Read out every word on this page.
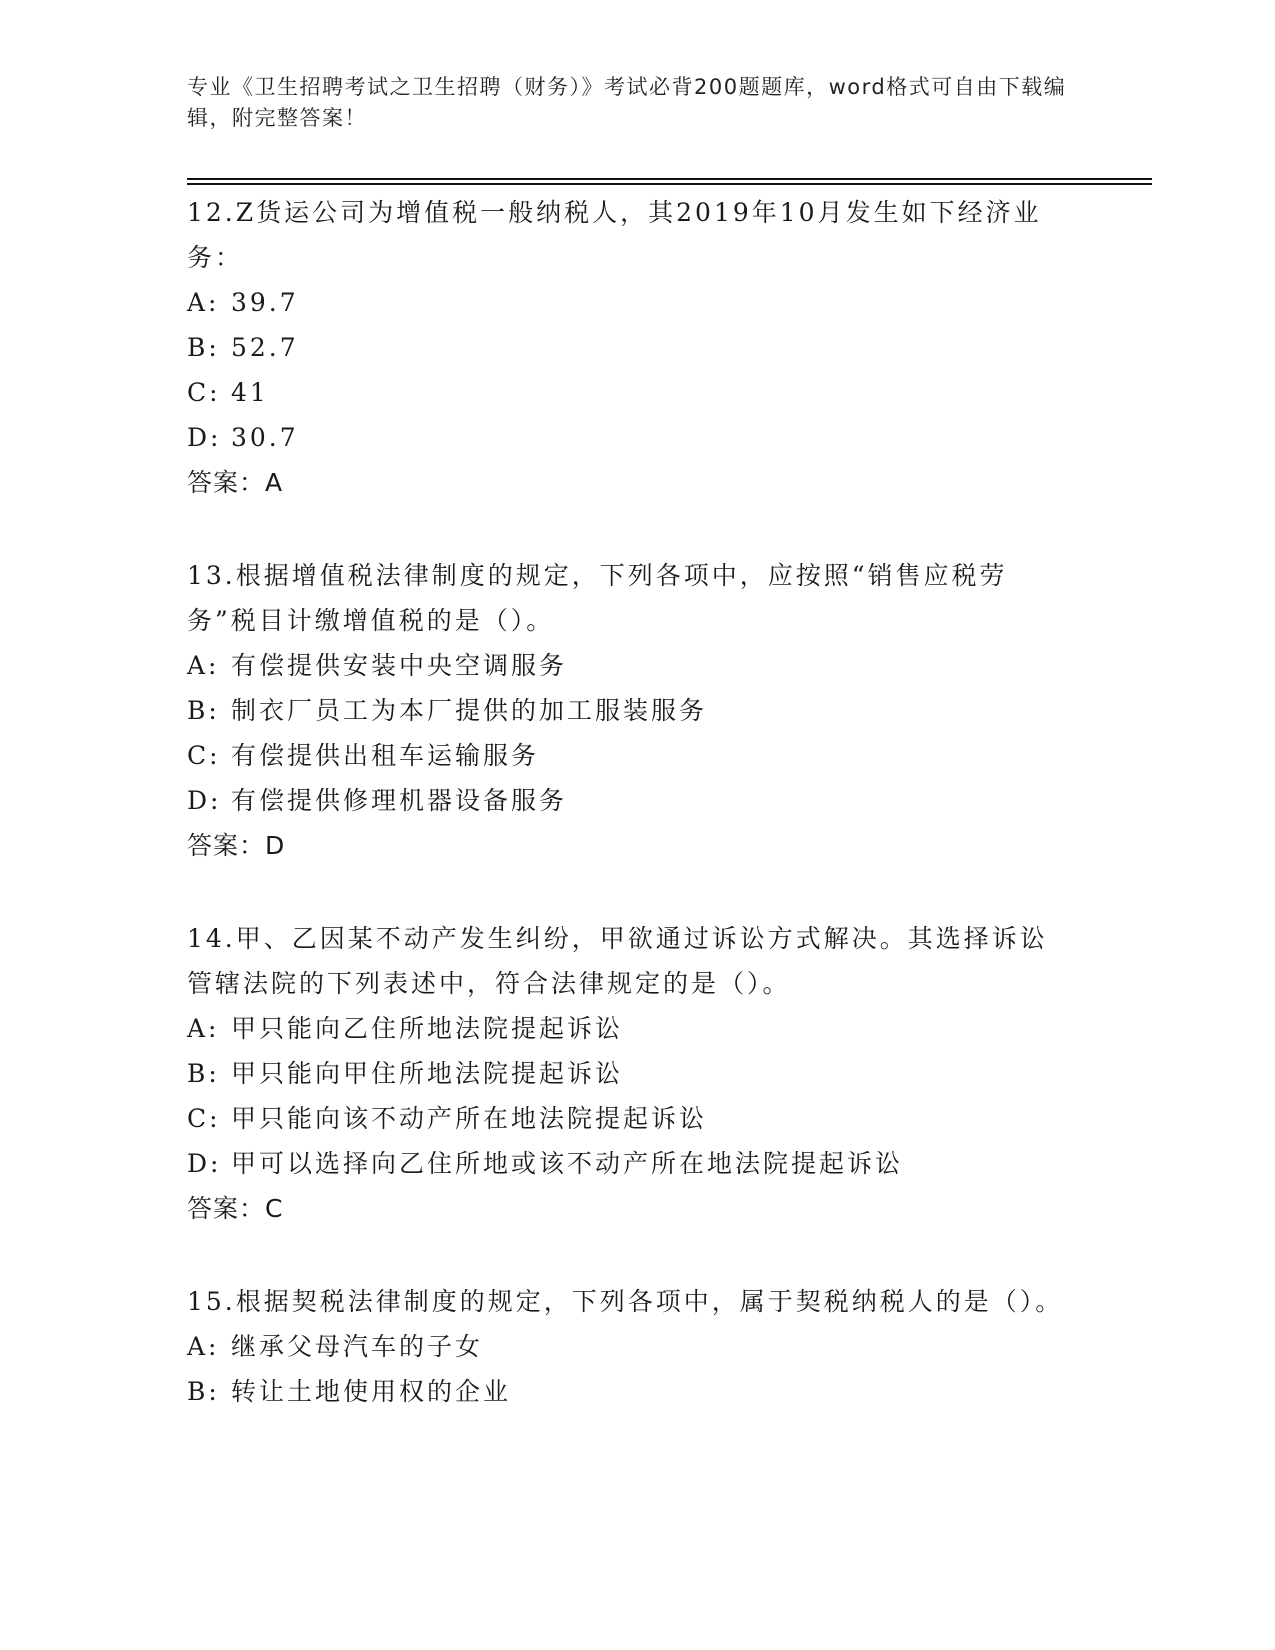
专业《卫生招聘考试之卫生招聘（财务）》考试必背200题题库，word格式可自由下载编辑，附完整答案！
12.Z货运公司为增值税一般纳税人，其2019年10月发生如下经济业务：
A: 39.7
B: 52.7
C: 41
D: 30.7
答案：A
13.根据增值税法律制度的规定，下列各项中，应按照“销售应税劳务”税目计缴增值税的是（）。
A: 有偿提供安装中央空调服务
B: 制衣厂员工为本厂提供的加工服装服务
C: 有偿提供出租车运输服务
D: 有偿提供修理机器设备服务
答案：D
14.甲、乙因某不动产发生纠纷，甲欲通过诉讼方式解决。其选择诉讼管辖法院的下列表述中，符合法律规定的是（）。
A: 甲只能向乙住所地法院提起诉讼
B: 甲只能向甲住所地法院提起诉讼
C: 甲只能向该不动产所在地法院提起诉讼
D: 甲可以选择向乙住所地或该不动产所在地法院提起诉讼
答案：C
15.根据契税法律制度的规定，下列各项中，属于契税纳税人的是（）。
A: 继承父母汽车的子女
B: 转让土地使用权的企业
